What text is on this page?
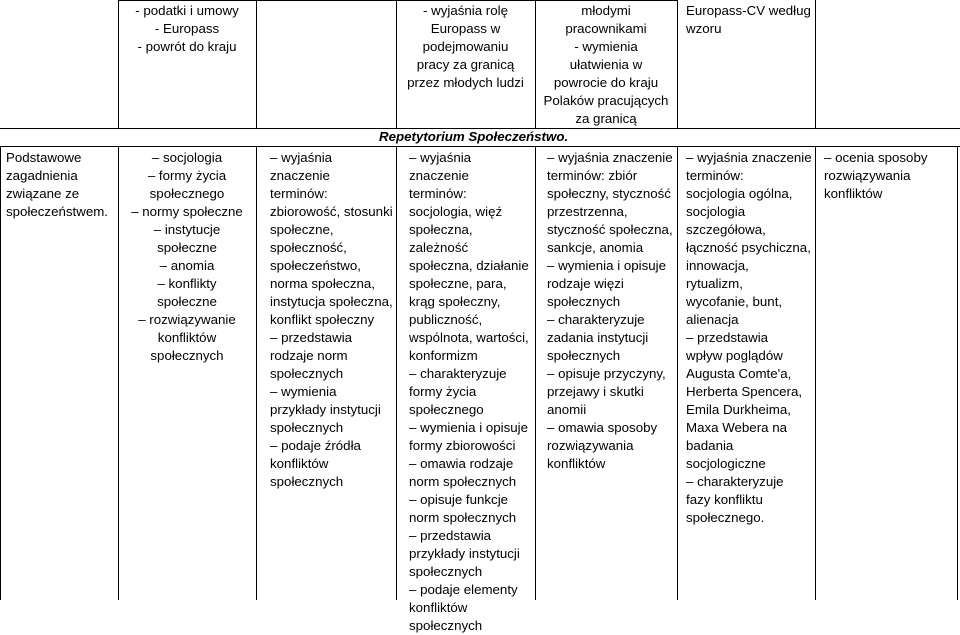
- podatki i umowy
- Europass
- powrót do kraju
- wyjaśnia rolę
Europass w
podejmowaniu
pracy za granicą
przez młodych ludzi
młodymi
pracownikami
- wymienia
ułatwienia w
powrocie do kraju
Polaków pracujących
za granicą
Europass-CV według
wzoru
Repetytorium Społeczeństwo.
Podstawowe
zagadnienia
związane ze
społeczeństwem.
– socjologia
– formy życia
społecznego
– normy społeczne
– instytucje
społeczne
– anomia
– konflikty
społeczne
– rozwiązywanie
konfliktów
społecznych
– wyjaśnia znaczenie
terminów:
zbiorowość, stosunki
społeczne,
społeczność,
społeczeństwo,
norma społeczna,
instytucja społeczna,
konflikt społeczny
– przedstawia
rodzaje norm
społecznych
– wymienia
przykłady instytucji
społecznych
– podaje źródła
konfliktów
społecznych
– wyjaśnia znaczenie
terminów:
socjologia, więź
społeczna, zależność
społeczna, działanie
społeczne, para,
krąg społeczny,
publiczność,
wspólnota, wartości,
konformizm
– charakteryzuje
formy życia
społecznego
– wymienia i opisuje
formy zbiorowości
– omawia rodzaje
norm społecznych
– opisuje funkcje
norm społecznych
– przedstawia
przykłady instytucji
społecznych
– podaje elementy
konfliktów
społecznych
– wyjaśnia znaczenie
terminów: zbiór
społeczny, styczność
przestrzenna,
styczność społeczna,
sankcje, anomia
– wymienia i opisuje
rodzaje więzi
społecznych
– charakteryzuje
zadania instytucji
społecznych
– opisuje przyczyny,
przejawy i skutki
anomii
– omawia sposoby
rozwiązywania
konfliktów
– wyjaśnia znaczenie
terminów:
socjologia ogólna,
socjologia
szczegółowa,
łączność psychiczna,
innowacja,
rytualizm,
wycofanie, bunt,
alienacja
– przedstawia
wpływ poglądów
Augusta Comte'a,
Herberta Spencera,
Emila Durkheima,
Maxa Webera na
badania
socjologiczne
– charakteryzuje
fazy konfliktu
społecznego.
– ocenia sposoby
rozwiązywania
konfliktów
